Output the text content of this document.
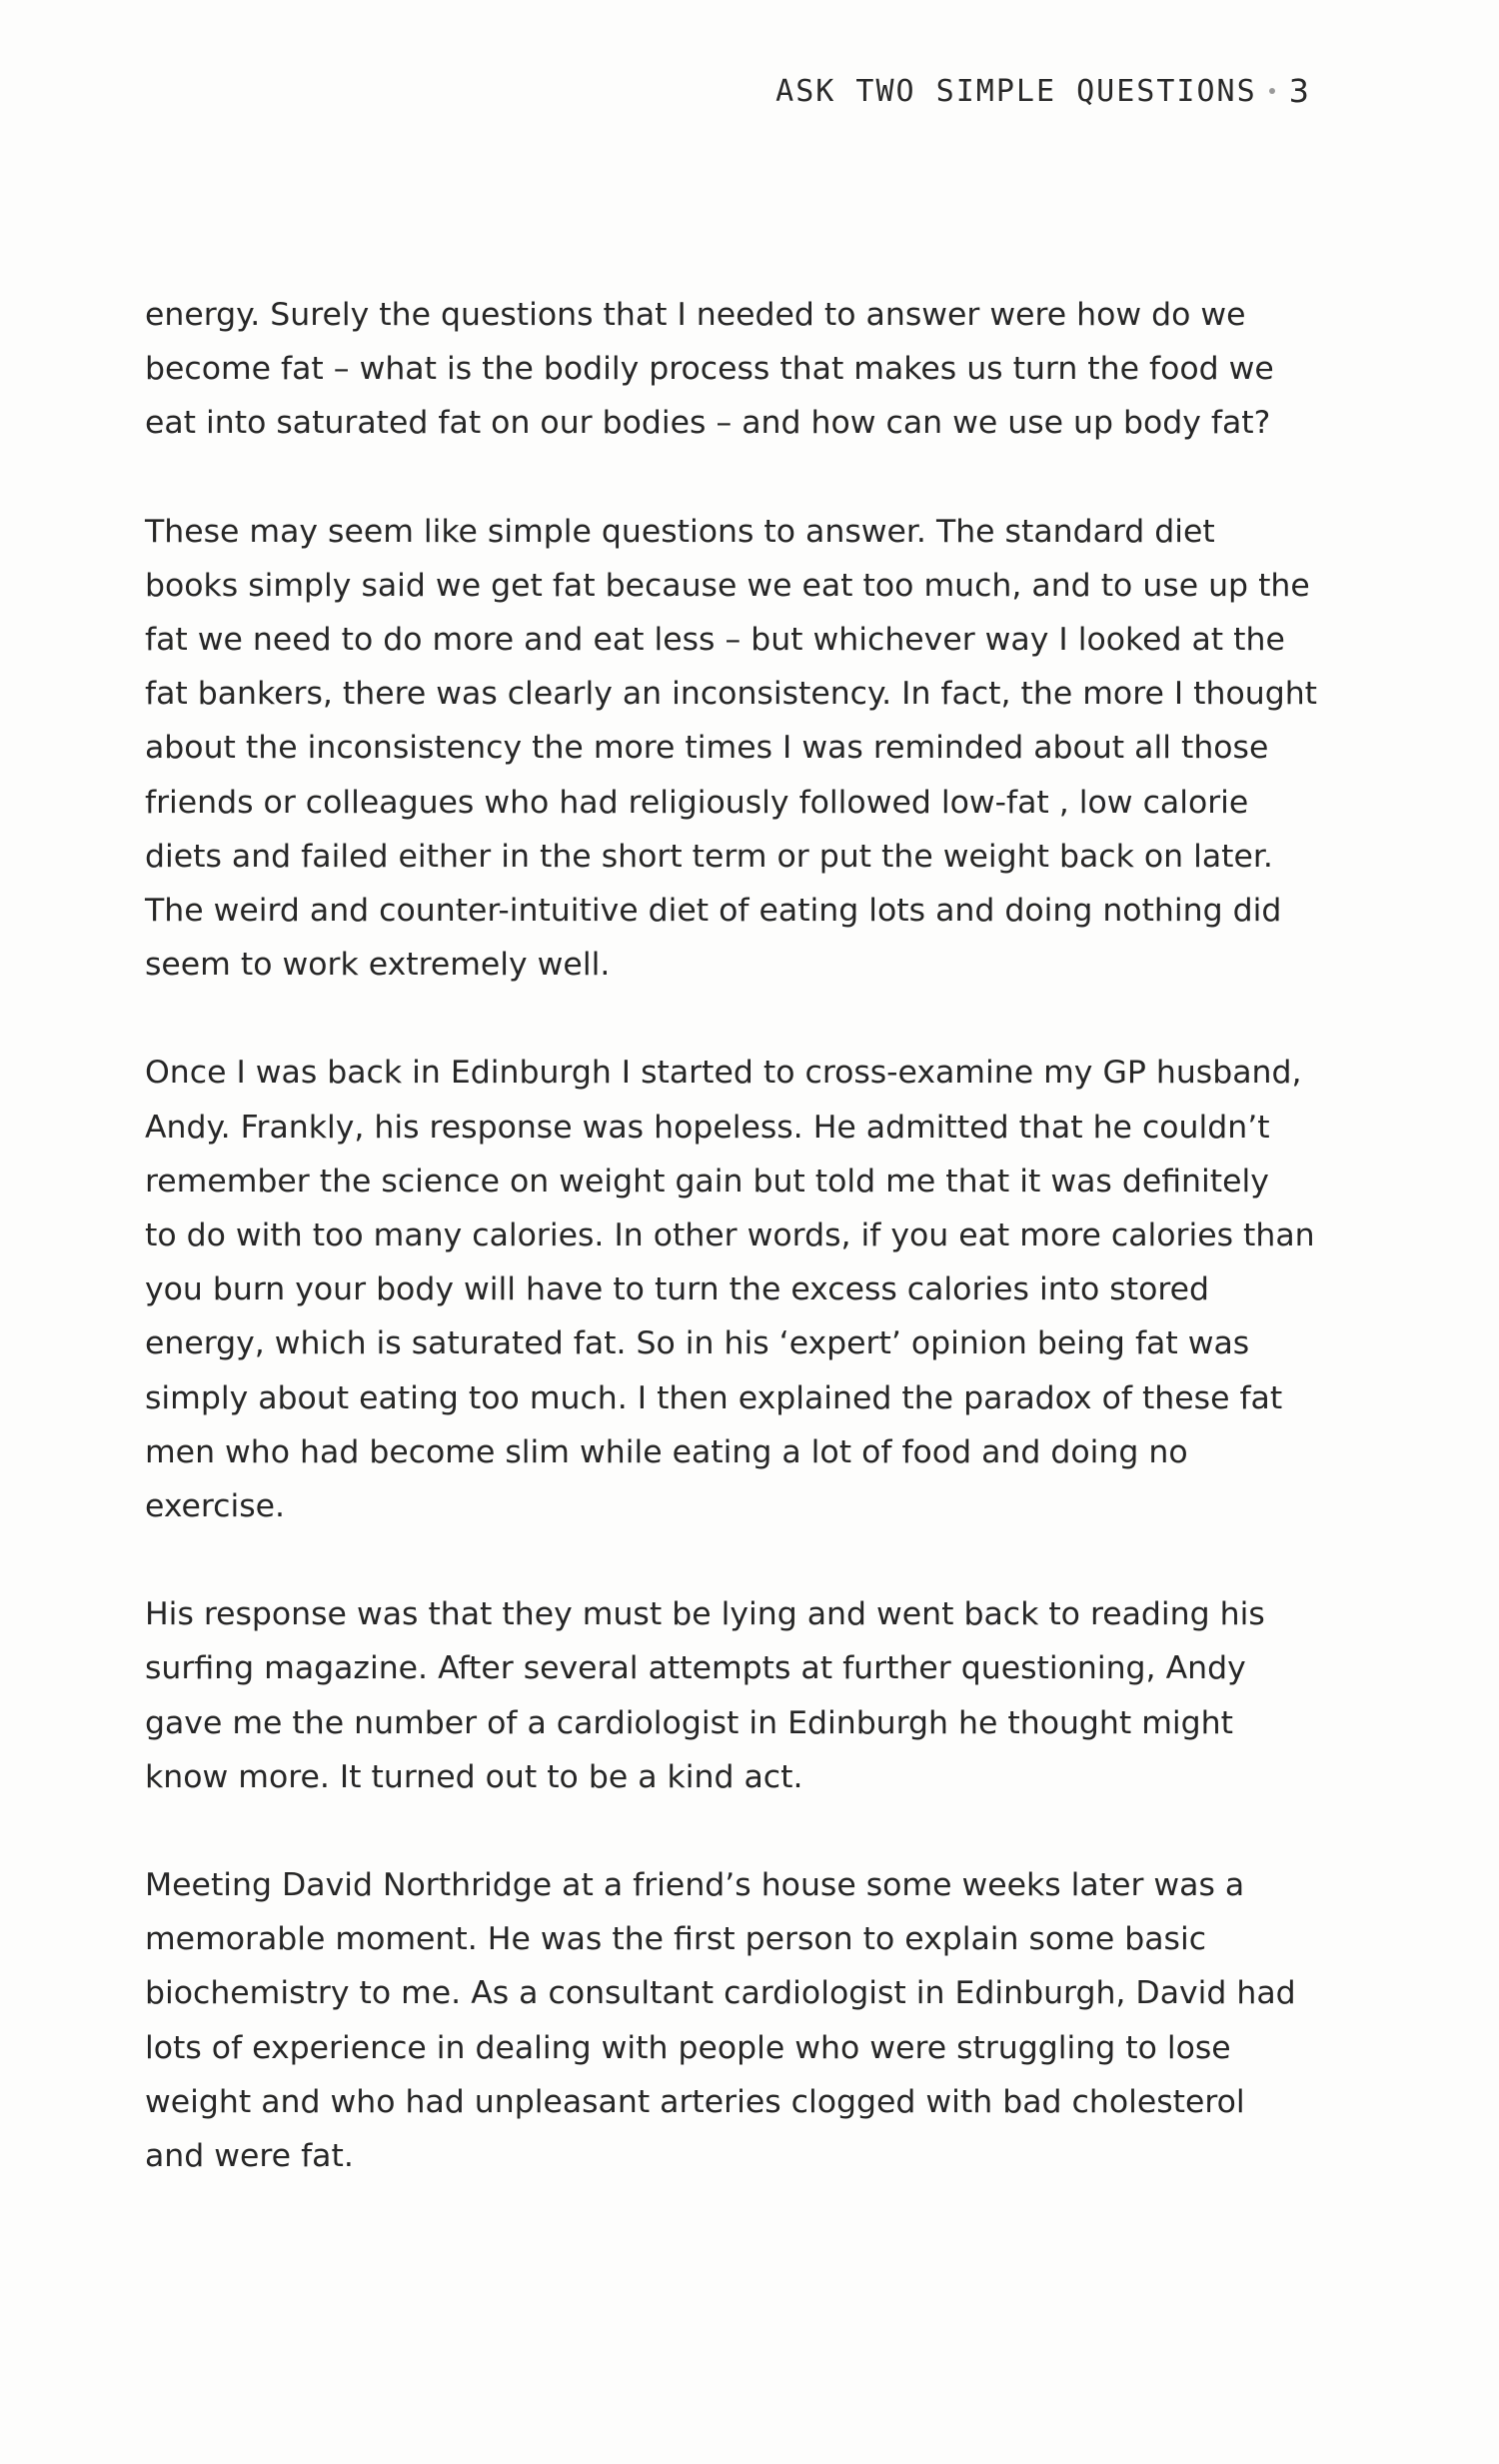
ASK TWO SIMPLE QUESTIONS 3

energy. Surely the questions that I needed to answer were how do we
become fat – what is the bodily process that makes us turn the food we
eat into saturated fat on our bodies – and how can we use up body fat?

These may seem like simple questions to answer. The standard diet
books simply said we get fat because we eat too much, and to use up the
fat we need to do more and eat less – but whichever way I looked at the
fat bankers, there was clearly an inconsistency. In fact, the more I thought
about the inconsistency the more times I was reminded about all those
friends or colleagues who had religiously followed low-fat , low calorie
diets and failed either in the short term or put the weight back on later.
The weird and counter-intuitive diet of eating lots and doing nothing did
seem to work extremely well.

Once I was back in Edinburgh I started to cross-examine my GP husband,
Andy. Frankly, his response was hopeless. He admitted that he couldn’t
remember the science on weight gain but told me that it was definitely
to do with too many calories. In other words, if you eat more calories than
you burn your body will have to turn the excess calories into stored
energy, which is saturated fat. So in his ‘expert’ opinion being fat was
simply about eating too much. I then explained the paradox of these fat
men who had become slim while eating a lot of food and doing no
exercise.

His response was that they must be lying and went back to reading his
surfing magazine. After several attempts at further questioning, Andy
gave me the number of a cardiologist in Edinburgh he thought might
know more. It turned out to be a kind act.

Meeting David Northridge at a friend’s house some weeks later was a
memorable moment. He was the first person to explain some basic
biochemistry to me. As a consultant cardiologist in Edinburgh, David had
lots of experience in dealing with people who were struggling to lose
weight and who had unpleasant arteries clogged with bad cholesterol
and were fat.
